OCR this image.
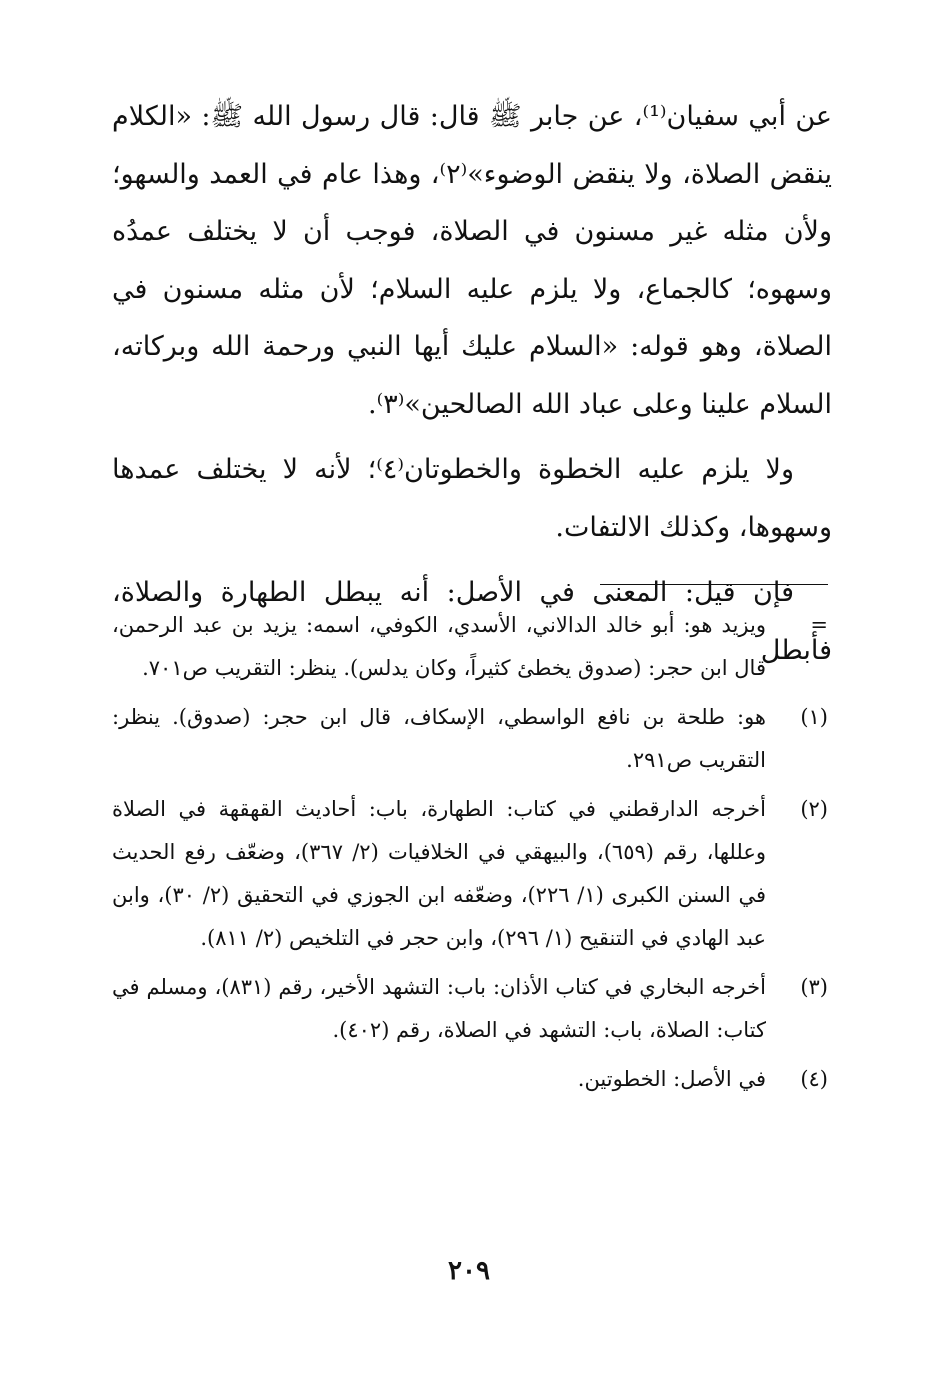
عن أبي سفيان⁽¹⁾، عن جابر ﷺ قال: قال رسول الله ﷺ: «الكلام ينقض الصلاة، ولا ينقض الوضوء»⁽٢⁾، وهذا عام في العمد والسهو؛ ولأن مثله غير مسنون في الصلاة، فوجب أن لا يختلف عمدُه وسهوه؛ كالجماع، ولا يلزم عليه السلام؛ لأن مثله مسنون في الصلاة، وهو قوله: «السلام عليك أيها النبي ورحمة الله وبركاته، السلام علينا وعلى عباد الله الصالحين»⁽٣⁾.

ولا يلزم عليه الخطوة والخطوتان⁽٤⁾؛ لأنه لا يختلف عمدها وسهوها، وكذلك الالتفات.

فإن قيل: المعنى في الأصل: أنه يبطل الطهارة والصلاة، فأبطل

=
ويزيد هو: أبو خالد الدالاني، الأسدي، الكوفي، اسمه: يزيد بن عبد الرحمن، قال ابن حجر: (صدوق يخطئ كثيراً، وكان يدلس). ينظر: التقريب ص٧٠١.
(١)
هو: طلحة بن نافع الواسطي، الإسكاف، قال ابن حجر: (صدوق). ينظر: التقريب ص٢٩١.
(٢)
أخرجه الدارقطني في كتاب: الطهارة، باب: أحاديث القهقهة في الصلاة وعللها، رقم (٦٥٩)، والبيهقي في الخلافيات (٢/ ٣٦٧)، وضعّف رفع الحديث في السنن الكبرى (١/ ٢٢٦)، وضعّفه ابن الجوزي في التحقيق (٢/ ٣٠)، وابن عبد الهادي في التنقيح (١/ ٢٩٦)، وابن حجر في التلخيص (٢/ ٨١١).
(٣)
أخرجه البخاري في كتاب الأذان: باب: التشهد الأخير، رقم (٨٣١)، ومسلم في كتاب: الصلاة، باب: التشهد في الصلاة، رقم (٤٠٢).
(٤)
في الأصل: الخطوتين.
٢٠٩
